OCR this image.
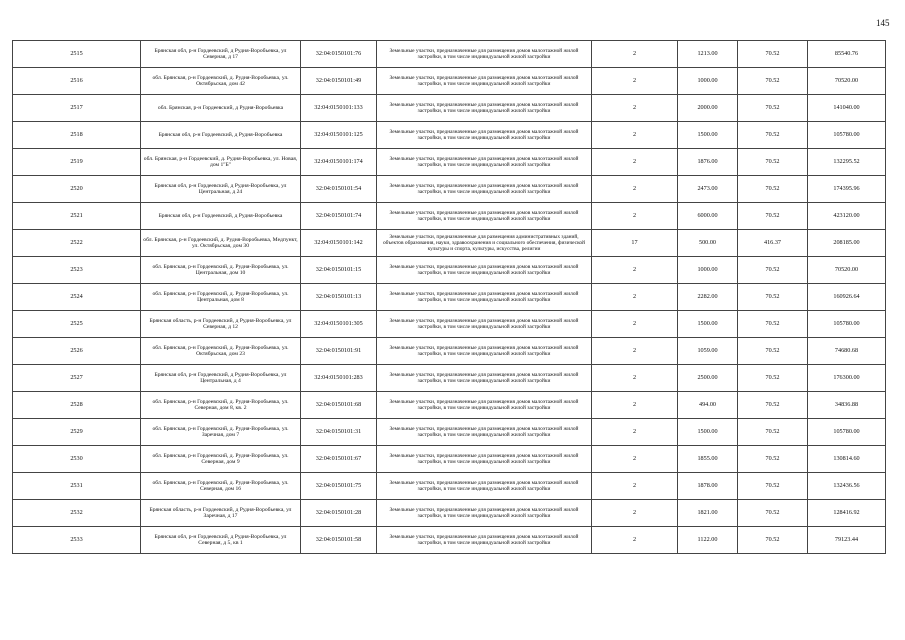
145
2515	Брянская обл, р-н Гордеевский, д Рудня-Воробьевка, ул Северная, д 17	32:04:0150101:76	Земельные участки, предназначенные для размещения домов малоэтажной жилой застройки, в том числе индивидуальной жилой застройки	2	1213.00	70.52	85540.76
2516	обл. Брянская, р-н Гордеевский, д. Рудня-Воробьевка, ул. Октябрьская, дом 42	32:04:0150101:49	Земельные участки, предназначенные для размещения домов малоэтажной жилой застройки, в том числе индивидуальной жилой застройки	2	1000.00	70.52	70520.00
2517	обл. Брянская, р-н Гордеевский, д Рудня-Воробьевка	32:04:0150101:133	Земельные участки, предназначенные для размещения домов малоэтажной жилой застройки, в том числе индивидуальной жилой застройки	2	2000.00	70.52	141040.00
2518	Брянская обл, р-н Гордеевский, д Рудня-Воробьевка	32:04:0150101:125	Земельные участки, предназначенные для размещения домов малоэтажной жилой застройки, в том числе индивидуальной жилой застройки	2	1500.00	70.52	105780.00
2519	обл. Брянская, р-н Гордеевский, д. Рудня-Воробьевка, ул. Новая, дом 1"Б"	32:04:0150101:174	Земельные участки, предназначенные для размещения домов малоэтажной жилой застройки, в том числе индивидуальной жилой застройки	2	1876.00	70.52	132295.52
2520	Брянская обл, р-н Гордеевский, д Рудня-Воробьевка, ул Центральная, д 24	32:04:0150101:54	Земельные участки, предназначенные для размещения домов малоэтажной жилой застройки, в том числе индивидуальной жилой застройки	2	2473.00	70.52	174395.96
2521	Брянская обл, р-н Гордеевский, д Рудня-Воробьевка	32:04:0150101:74	Земельные участки, предназначенные для размещения домов малоэтажной жилой застройки, в том числе индивидуальной жилой застройки	2	6000.00	70.52	423120.00
2522	обл. Брянская, р-н Гордеевский, д. Рудня-Воробьевка, Медпункт, ул. Октябрьская, дом 30	32:04:0150101:142	Земельные участки, предназначенные для размещения административных зданий, объектов образования, науки, здравоохранения и социального обеспечения, физической культуры и спорта, культуры, искусства, религии	17	500.00	416.37	208185.00
2523	обл. Брянская, р-н Гордеевский, д. Рудня-Воробьевка, ул. Центральная, дом 10	32:04:0150101:15	Земельные участки, предназначенные для размещения домов малоэтажной жилой застройки, в том числе индивидуальной жилой застройки	2	1000.00	70.52	70520.00
2524	обл. Брянская, р-н Гордеевский, д. Рудня-Воробьевка, ул. Центральная, дом 8	32:04:0150101:13	Земельные участки, предназначенные для размещения домов малоэтажной жилой застройки, в том числе индивидуальной жилой застройки	2	2282.00	70.52	160926.64
2525	Брянская область, р-н Гордеевский, д Рудня-Воробьевка, ул Северная, д 12	32:04:0150101:305	Земельные участки, предназначенные для размещения домов малоэтажной жилой застройки, в том числе индивидуальной жилой застройки	2	1500.00	70.52	105780.00
2526	обл. Брянская, р-н Гордеевский, д. Рудня-Воробьевка, ул. Октябрьская, дом 23	32:04:0150101:91	Земельные участки, предназначенные для размещения домов малоэтажной жилой застройки, в том числе индивидуальной жилой застройки	2	1059.00	70.52	74680.68
2527	Брянская обл, р-н Гордеевский, д Рудня-Воробьевка, ул Центральная, д 4	32:04:0150101:283	Земельные участки, предназначенные для размещения домов малоэтажной жилой застройки, в том числе индивидуальной жилой застройки	2	2500.00	70.52	176300.00
2528	обл. Брянская, р-н Гордеевский, д. Рудня-Воробьевка, ул. Северная, дом 8, кв. 2	32:04:0150101:68	Земельные участки, предназначенные для размещения домов малоэтажной жилой застройки, в том числе индивидуальной жилой застройки	2	494.00	70.52	34836.88
2529	обл. Брянская, р-н Гордеевский, д. Рудня-Воробьевка, ул. Заречная, дом 7	32:04:0150101:31	Земельные участки, предназначенные для размещения домов малоэтажной жилой застройки, в том числе индивидуальной жилой застройки	2	1500.00	70.52	105780.00
2530	обл. Брянская, р-н Гордеевский, д. Рудня-Воробьевка, ул. Северная, дом 9	32:04:0150101:67	Земельные участки, предназначенные для размещения домов малоэтажной жилой застройки, в том числе индивидуальной жилой застройки	2	1855.00	70.52	130814.60
2531	обл. Брянская, р-н Гордеевский, д. Рудня-Воробьевка, ул. Северная, дом 16	32:04:0150101:75	Земельные участки, предназначенные для размещения домов малоэтажной жилой застройки, в том числе индивидуальной жилой застройки	2	1878.00	70.52	132436.56
2532	Брянская область, р-н Гордеевский, д Рудня-Воробьевка, ул Заречная, д 17	32:04:0150101:28	Земельные участки, предназначенные для размещения домов малоэтажной жилой застройки, в том числе индивидуальной жилой застройки	2	1821.00	70.52	128416.92
2533	Брянская обл, р-н Гордеевский, д Рудня-Воробьевка, ул Северная, д 5, кв 1	32:04:0150101:58	Земельные участки, предназначенные для размещения домов малоэтажной жилой застройки, в том числе индивидуальной жилой застройки	2	1122.00	70.52	79123.44
